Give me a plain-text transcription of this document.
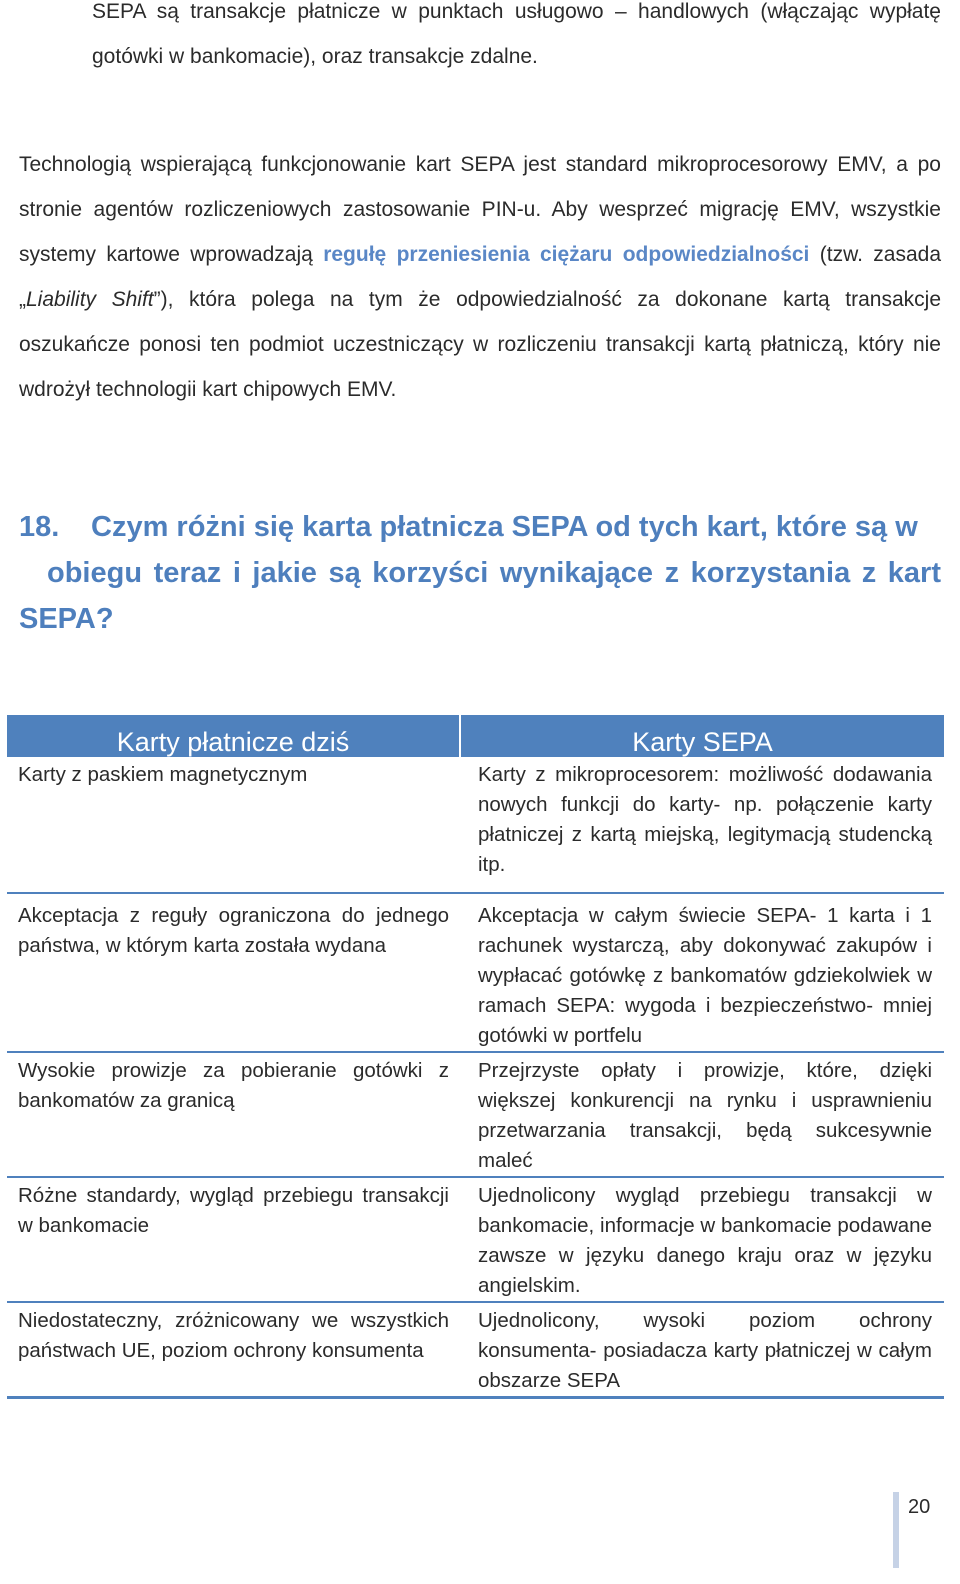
SEPA są transakcje płatnicze w punktach usługowo – handlowych (włączając wypłatę gotówki w bankomacie), oraz transakcje zdalne.
Technologią wspierającą funkcjonowanie kart SEPA jest standard mikroprocesorowy EMV, a po stronie agentów rozliczeniowych zastosowanie PIN-u. Aby wesprzeć migrację EMV, wszystkie systemy kartowe wprowadzają regułę przeniesienia ciężaru odpowiedzialności (tzw. zasada „Liability Shift”), która polega na tym że odpowiedzialność za dokonane kartą transakcje oszukańcze ponosi ten podmiot uczestniczący w rozliczeniu transakcji kartą płatniczą, który nie wdrożył technologii kart chipowych EMV.
18. Czym różni się karta płatnicza SEPA od tych kart, które są w
obiegu teraz i jakie są korzyści wynikające z korzystania z kart SEPA?
Karty płatnicze dziś	Karty SEPA
Karty z paskiem magnetycznym	Karty z mikroprocesorem: możliwość dodawania nowych funkcji do karty- np. połączenie karty płatniczej z kartą miejską, legitymacją studencką itp.
Akceptacja z reguły ograniczona do jednego państwa, w którym karta została wydana	Akceptacja w całym świecie SEPA- 1 karta i 1 rachunek wystarczą, aby dokonywać zakupów i wypłacać gotówkę z bankomatów gdziekolwiek w ramach SEPA: wygoda i bezpieczeństwo- mniej gotówki w portfelu
Wysokie prowizje za pobieranie gotówki z bankomatów za granicą	Przejrzyste opłaty i prowizje, które, dzięki większej konkurencji na rynku i usprawnieniu przetwarzania transakcji, będą sukcesywnie maleć
Różne standardy, wygląd przebiegu transakcji w bankomacie	Ujednolicony wygląd przebiegu transakcji w bankomacie, informacje w bankomacie podawane zawsze w języku danego kraju oraz w języku angielskim.
Niedostateczny, zróżnicowany we wszystkich państwach UE, poziom ochrony konsumenta	Ujednolicony, wysoki poziom ochrony konsumenta- posiadacza karty płatniczej w całym obszarze SEPA
20
